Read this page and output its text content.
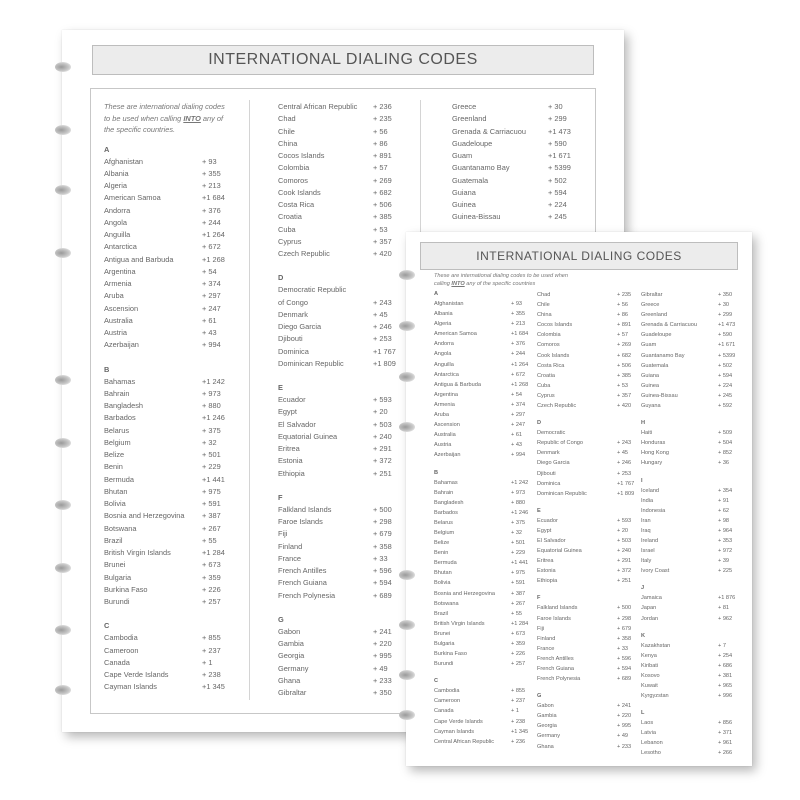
INTERNATIONAL DIALING CODES
These are international dialing codes
to be used when calling INTO any of
the specific countries.
A
Afghanistan	+ 93
Albania	+ 355
Algeria	+ 213
American Samoa	+1 684
Andorra	+ 376
Angola	+ 244
Anguilla	+1 264
Antarctica	+ 672
Antigua and Barbuda	+1 268
Argentina	+ 54
Armenia	+ 374
Aruba	+ 297
Ascension	+ 247
Australia	+ 61
Austria	+ 43
Azerbaijan	+ 994
B
Bahamas	+1 242
Bahrain	+ 973
Bangladesh	+ 880
Barbados	+1 246
Belarus	+ 375
Belgium	+ 32
Belize	+ 501
Benin	+ 229
Bermuda	+1 441
Bhutan	+ 975
Bolivia	+ 591
Bosnia and Herzegovina + 387
Botswana	+ 267
Brazil	+ 55
British Virgin Islands	+1 284
Brunei	+ 673
Bulgaria	+ 359
Burkina Faso	+ 226
Burundi	+ 257
C
Cambodia	+ 855
Cameroon	+ 237
Canada	+ 1
Cape Verde Islands	+ 238
Cayman Islands	+1 345
Central African Republic + 236
Chad	+ 235
Chile	+ 56
China	+ 86
Cocos Islands	+ 891
Colombia	+ 57
Comoros	+ 269
Cook Islands	+ 682
Costa Rica	+ 506
Croatia	+ 385
Cuba	+ 53
Cyprus	+ 357
Czech Republic	+ 420
D
Democratic Republic
of Congo	+ 243
Denmark	+ 45
Diego Garcia	+ 246
Djibouti	+ 253
Dominica	+1 767
Dominican Republic	+1 809
E
Ecuador	+ 593
Egypt	+ 20
El Salvador	+ 503
Equatorial Guinea	+ 240
Eritrea	+ 291
Estonia	+ 372
Ethiopia	+ 251
F
Falkland Islands	+ 500
Faroe Islands	+ 298
Fiji	+ 679
Finland	+ 358
France	+ 33
French Antilles	+ 596
French Guiana	+ 594
French Polynesia	+ 689
G
Gabon	+ 241
Gambia	+ 220
Georgia	+ 995
Germany	+ 49
Ghana	+ 233
Gibraltar	+ 350
Greece	+ 30
Greenland	+ 299
Grenada & Carriacuou	+1 473
Guadeloupe	+ 590
Guam	+1 671
Guantanamo Bay	+ 5399
Guatemala	+ 502
Guiana	+ 594
Guinea	+ 224
Guinea-Bissau	+ 245
INTERNATIONAL DIALING CODES
These are international dialing codes to be used when
calling INTO any of the specific countries
A
Afghanistan	+ 93
Albania	+ 355
Algeria	+ 213
American Samoa	+1 684
Andorra	+ 376
Angola	+ 244
Anguilla	+1 264
Antarctica	+ 672
Antigua & Barbuda	+1 268
Argentina	+ 54
Armenia	+ 374
Aruba	+ 297
Ascension	+ 247
Australia	+ 61
Austria	+ 43
Azerbaijan	+ 994
B
Bahamas	+1 242
Bahrain	+ 973
Bangladesh	+ 880
Barbados	+1 246
Belarus	+ 375
Belgium	+ 32
Belize	+ 501
Benin	+ 229
Bermuda	+1 441
Bhutan	+ 975
Bolivia	+ 591
Bosnia and Herzegovina	+ 387
Botswana	+ 267
Brazil	+ 55
British Virgin Islands	+1 284
Brunei	+ 673
Bulgaria	+ 359
Burkina Faso	+ 226
Burundi	+ 257
C
Cambodia	+ 855
Cameroon	+ 237
Canada	+ 1
Cape Verde Islands	+ 238
Cayman Islands	+1 345
Central African Republic	+ 236
Chad	+ 235
Chile	+ 56
China	+ 86
Cocos Islands	+ 891
Colombia	+ 57
Comoros	+ 269
Cook Islands	+ 682
Costa Rica	+ 506
Croatia	+ 385
Cuba	+ 53
Cyprus	+ 357
Czech Republic	+ 420
D
Democratic
Republic of Congo	+ 243
Denmark	+ 45
Diego Garcia	+ 246
Djibouti	+ 253
Dominica	+1 767
Dominican Republic	+1 809
E
Ecuador	+ 593
Egypt	+ 20
El Salvador	+ 503
Equatorial Guinea	+ 240
Eritrea	+ 291
Estonia	+ 372
Ethiopia	+ 251
F
Falkland Islands	+ 500
Faroe Islands	+ 298
Fiji	+ 679
Finland	+ 358
France	+ 33
French Antilles	+ 596
French Guiana	+ 594
French Polynesia	+ 689
G
Gabon	+ 241
Gambia	+ 220
Georgia	+ 995
Germany	+ 49
Ghana	+ 233
Gibraltar	+ 350
Greece	+ 30
Greenland	+ 299
Grenada & Carriacuou	+1 473
Guadeloupe	+ 590
Guam	+1 671
Guantanamo Bay	+ 5399
Guatemala	+ 502
Guiana	+ 594
Guinea	+ 224
Guinea-Bissau	+ 245
Guyana	+ 592
H
Haiti	+ 509
Honduras	+ 504
Hong Kong	+ 852
Hungary	+ 36
I
Iceland	+ 354
India	+ 91
Indonesia	+ 62
Iran	+ 98
Iraq	+ 964
Ireland	+ 353
Israel	+ 972
Italy	+ 39
Ivory Coast	+ 225
J
Jamaica	+1 876
Japan	+ 81
Jordan	+ 962
K
Kazakhstan	+ 7
Kenya	+ 254
Kiribati	+ 686
Kosovo	+ 381
Kuwait	+ 965
Kyrgyzstan	+ 996
L
Laos	+ 856
Latvia	+ 371
Lebanon	+ 961
Lesotho	+ 266
